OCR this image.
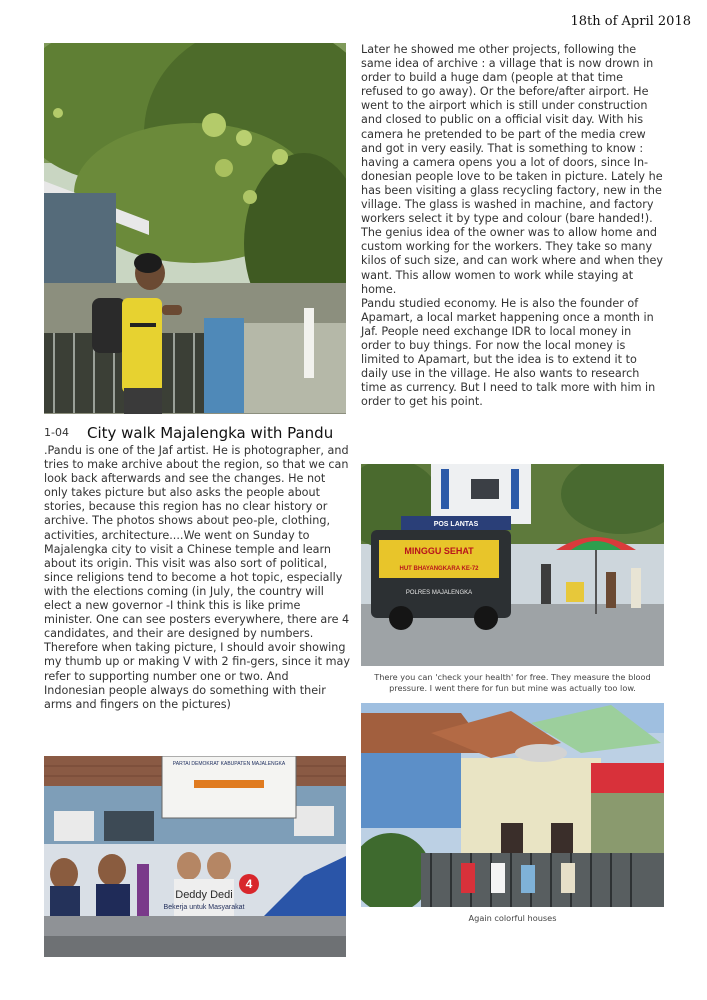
18th of April 2018
1-04 City walk Majalengka with Pandu

.Pandu is one of the Jaf artist. He is photographer, and tries to make archive about the region, so that we can look back afterwards and see the changes. He not only takes picture but also asks the people about stories, because this region has no clear history or archive. The photos shows about peo-ple, clothing, activities, architecture....We went on Sunday to Majalengka city to visit a Chinese temple and learn about its origin. This visit was also sort of political, since religions tend to become a hot topic, especially with the elections coming (in July, the country will elect a new governor -I think this is like prime minister. One can see posters everywhere, there are 4 candidates, and their are designed by numbers. Therefore when taking picture, I should avoir showing my thumb up or making V with 2 fin-gers, since it may refer to supporting number one or two. And Indonesian people always do something with their arms and fingers on the pictures)

Later he showed me other projects, following the same idea of archive : a village that is now drown in order to build a huge dam (people at that time refused to go away). Or the before/after airport. He went to the airport which is still under construction and closed to public on a official visit day. With his camera he pretended to be part of the media crew and got in very easily. That is something to know : having a camera opens you a lot of doors, since In-donesian people love to be taken in picture. Lately he has been visiting a glass recycling factory, new in the village. The glass is washed in machine, and factory workers select it by type and colour (bare handed!). The genius idea of the owner was to allow home and custom working for the workers. They take so many kilos of such size, and can work where and when they want. This allow women to work while staying at home.

Pandu studied economy. He is also the founder of Apamart, a local market happening once a month in Jaf. People need exchange IDR to local money in order to buy things. For now the local money is limited to Apamart, but the idea is to extend it to daily use in the village. He also wants to research time as currency. But I need to talk more with him in order to get his point.

PARTAI DEMOKRAT KABUPATEN MAJALENGKA
4
Deddy Dedi
Bekerja untuk Masyarakat
POS LANTAS
MINGGU SEHAT
HUT BHAYANGKARA KE-72
POLRES MAJALENGKA
There you can 'check your health' for free. They measure the blood pressure. I went there for fun but mine was actually too low.
Again colorful houses
